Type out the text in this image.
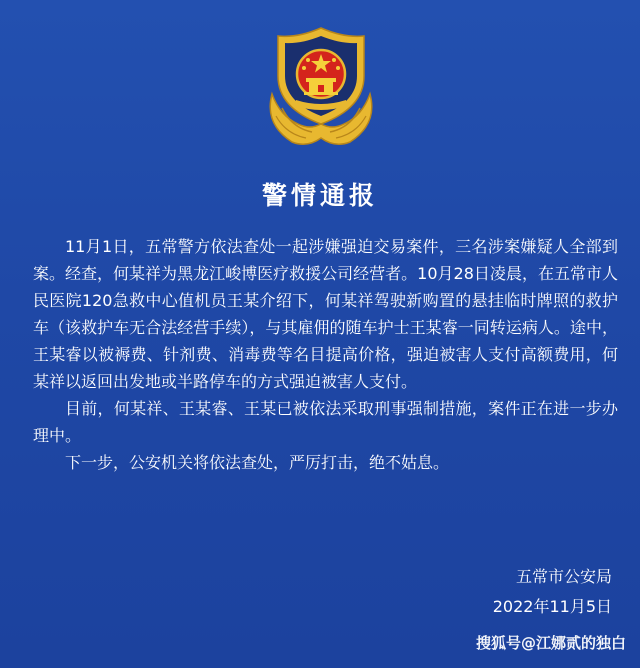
警情通报

11月1日，五常警方依法查处一起涉嫌强迫交易案件，三名涉案嫌疑人全部到案。经查，何某祥为黑龙江峻博医疗救援公司经营者。10月28日凌晨，在五常市人民医院120急救中心值机员王某介绍下，何某祥驾驶新购置的悬挂临时牌照的救护车（该救护车无合法经营手续），与其雇佣的随车护士王某睿一同转运病人。途中，王某睿以被褥费、针剂费、消毒费等名目提高价格，强迫被害人支付高额费用，何某祥以返回出发地或半路停车的方式强迫被害人支付。

目前，何某祥、王某睿、王某已被依法采取刑事强制措施，案件正在进一步办理中。

下一步，公安机关将依法查处，严厉打击，绝不姑息。

五常市公安局
2022年11月5日
搜狐号@江娜贰的独白
